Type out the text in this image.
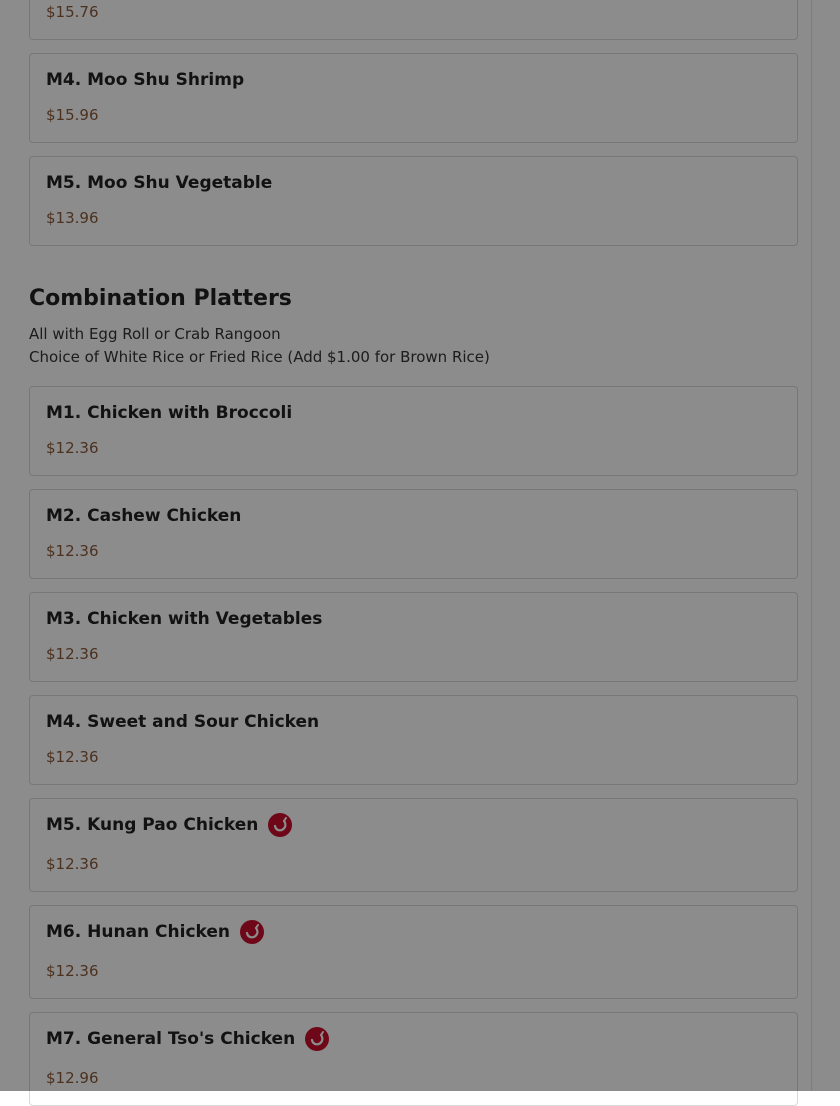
$15.76
M4. Moo Shu Shrimp
$15.96
M5. Moo Shu Vegetable
$13.96
Combination Platters
All with Egg Roll or Crab Rangoon
Choice of White Rice or Fried Rice (Add $1.00 for Brown Rice)
M1. Chicken with Broccoli
$12.36
M2. Cashew Chicken
$12.36
M3. Chicken with Vegetables
$12.36
M4. Sweet and Sour Chicken
$12.36
M5. Kung Pao Chicken
$12.36
M6. Hunan Chicken
$12.36
M7. General Tso's Chicken
$12.96
